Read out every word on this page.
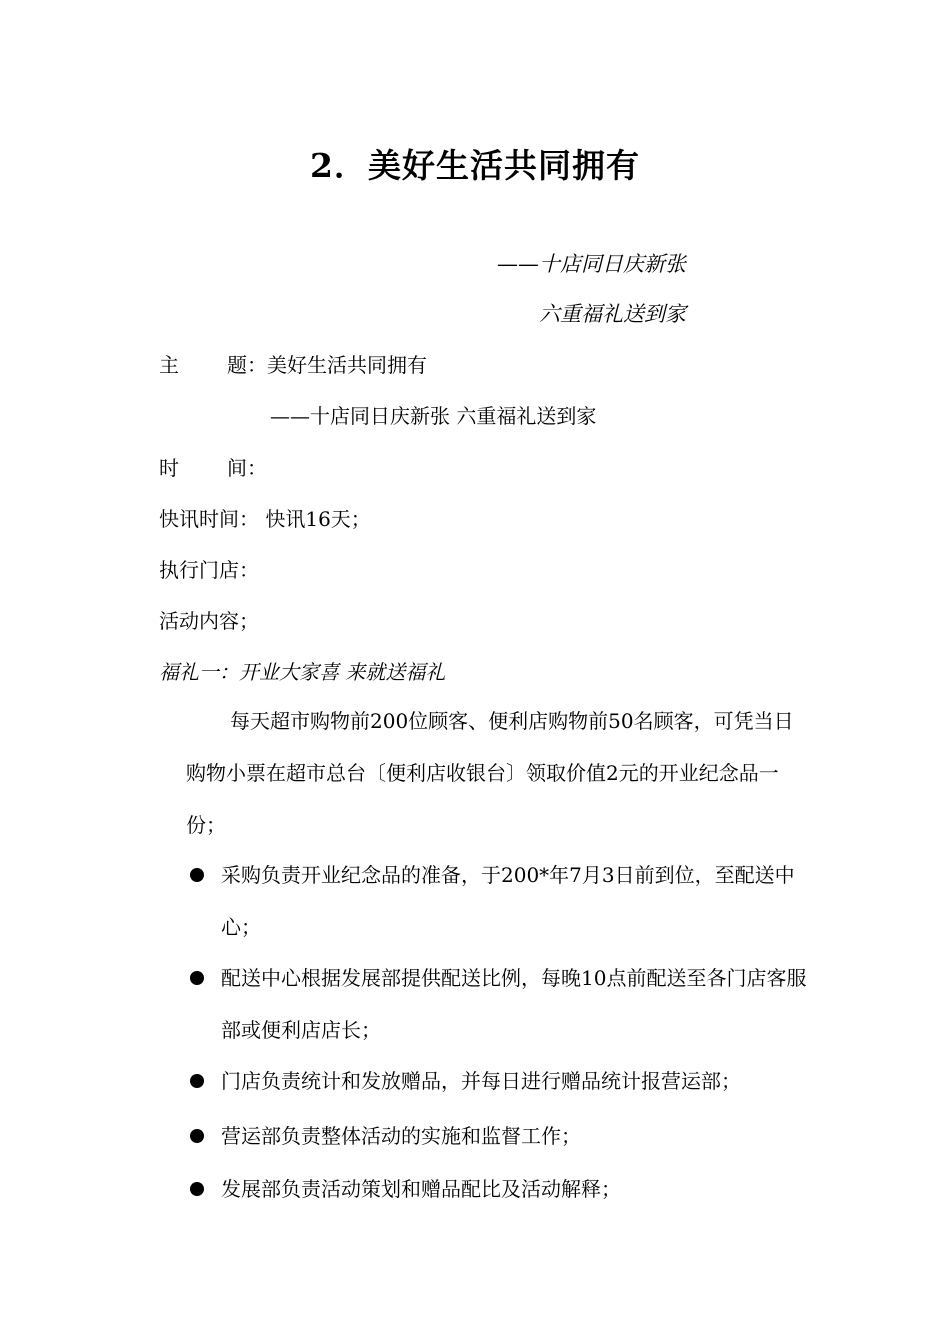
2．美好生活共同拥有
——十店同日庆新张
六重福礼送到家
主 题：美好生活共同拥有
——十店同日庆新张 六重福礼送到家
时 间：
快讯时间： 快讯16天；
执行门店：
活动内容；
福礼一：开业大家喜 来就送福礼
每天超市购物前200位顾客、便利店购物前50名顾客，可凭当日购物小票在超市总台〔便利店收银台〕领取价值2元的开业纪念品一份；
采购负责开业纪念品的准备，于200*年7月3日前到位，至配送中心；
配送中心根据发展部提供配送比例，每晚10点前配送至各门店客服部或便利店店长；
门店负责统计和发放赠品，并每日进行赠品统计报营运部；
营运部负责整体活动的实施和监督工作；
发展部负责活动策划和赠品配比及活动解释；
